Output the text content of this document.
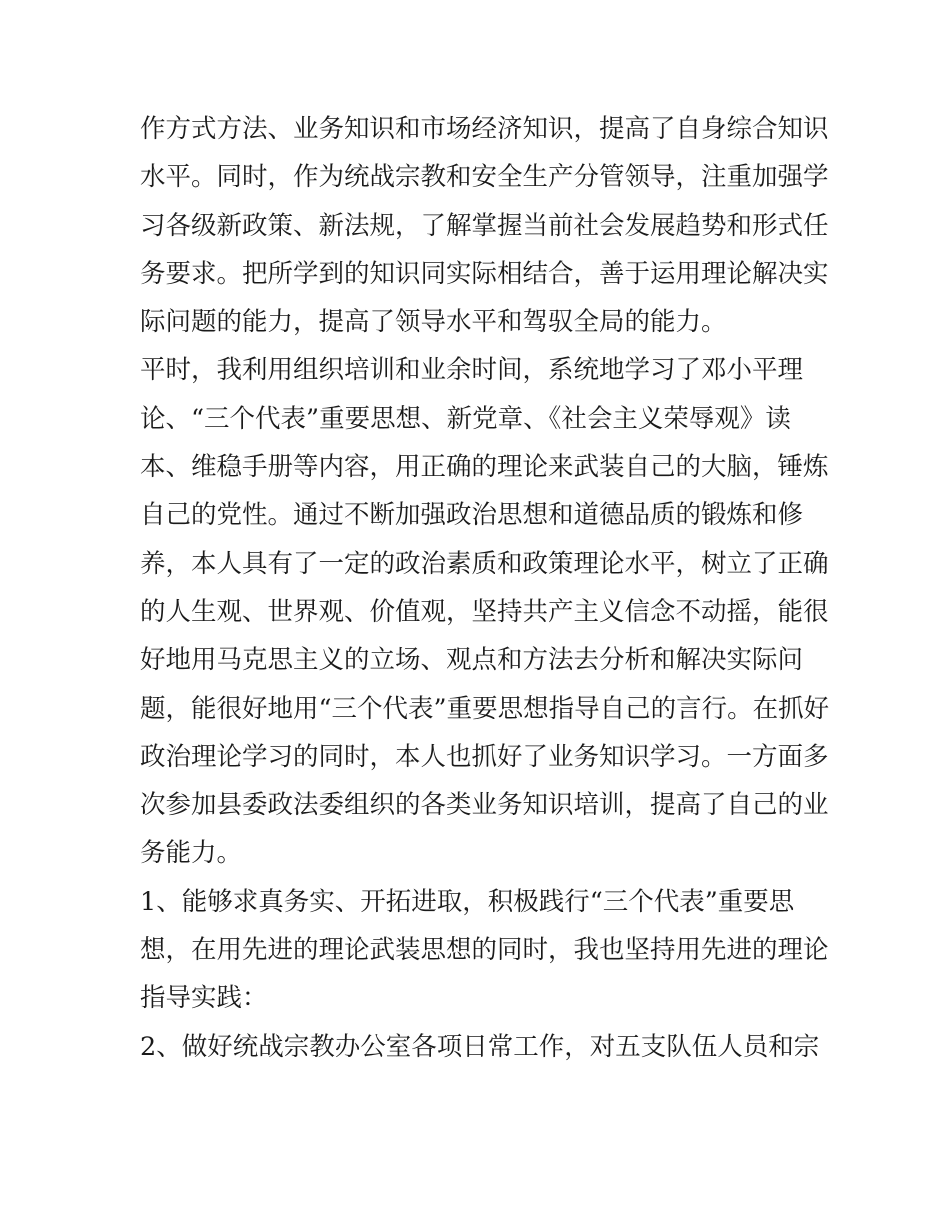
作方式方法、业务知识和市场经济知识，提高了自身综合知识
水平。同时，作为统战宗教和安全生产分管领导，注重加强学
习各级新政策、新法规，了解掌握当前社会发展趋势和形式任
务要求。把所学到的知识同实际相结合，善于运用理论解决实
际问题的能力，提高了领导水平和驾驭全局的能力。
平时，我利用组织培训和业余时间，系统地学习了邓小平理
论、“三个代表”重要思想、新党章、《社会主义荣辱观》读
本、维稳手册等内容，用正确的理论来武装自己的大脑，锤炼
自己的党性。通过不断加强政治思想和道德品质的锻炼和修
养，本人具有了一定的政治素质和政策理论水平，树立了正确
的人生观、世界观、价值观，坚持共产主义信念不动摇，能很
好地用马克思主义的立场、观点和方法去分析和解决实际问
题，能很好地用“三个代表”重要思想指导自己的言行。在抓好
政治理论学习的同时，本人也抓好了业务知识学习。一方面多
次参加县委政法委组织的各类业务知识培训，提高了自己的业
务能力。
1、能够求真务实、开拓进取，积极践行“三个代表”重要思
想，在用先进的理论武装思想的同时，我也坚持用先进的理论
指导实践：
2、做好统战宗教办公室各项日常工作，对五支队伍人员和宗
